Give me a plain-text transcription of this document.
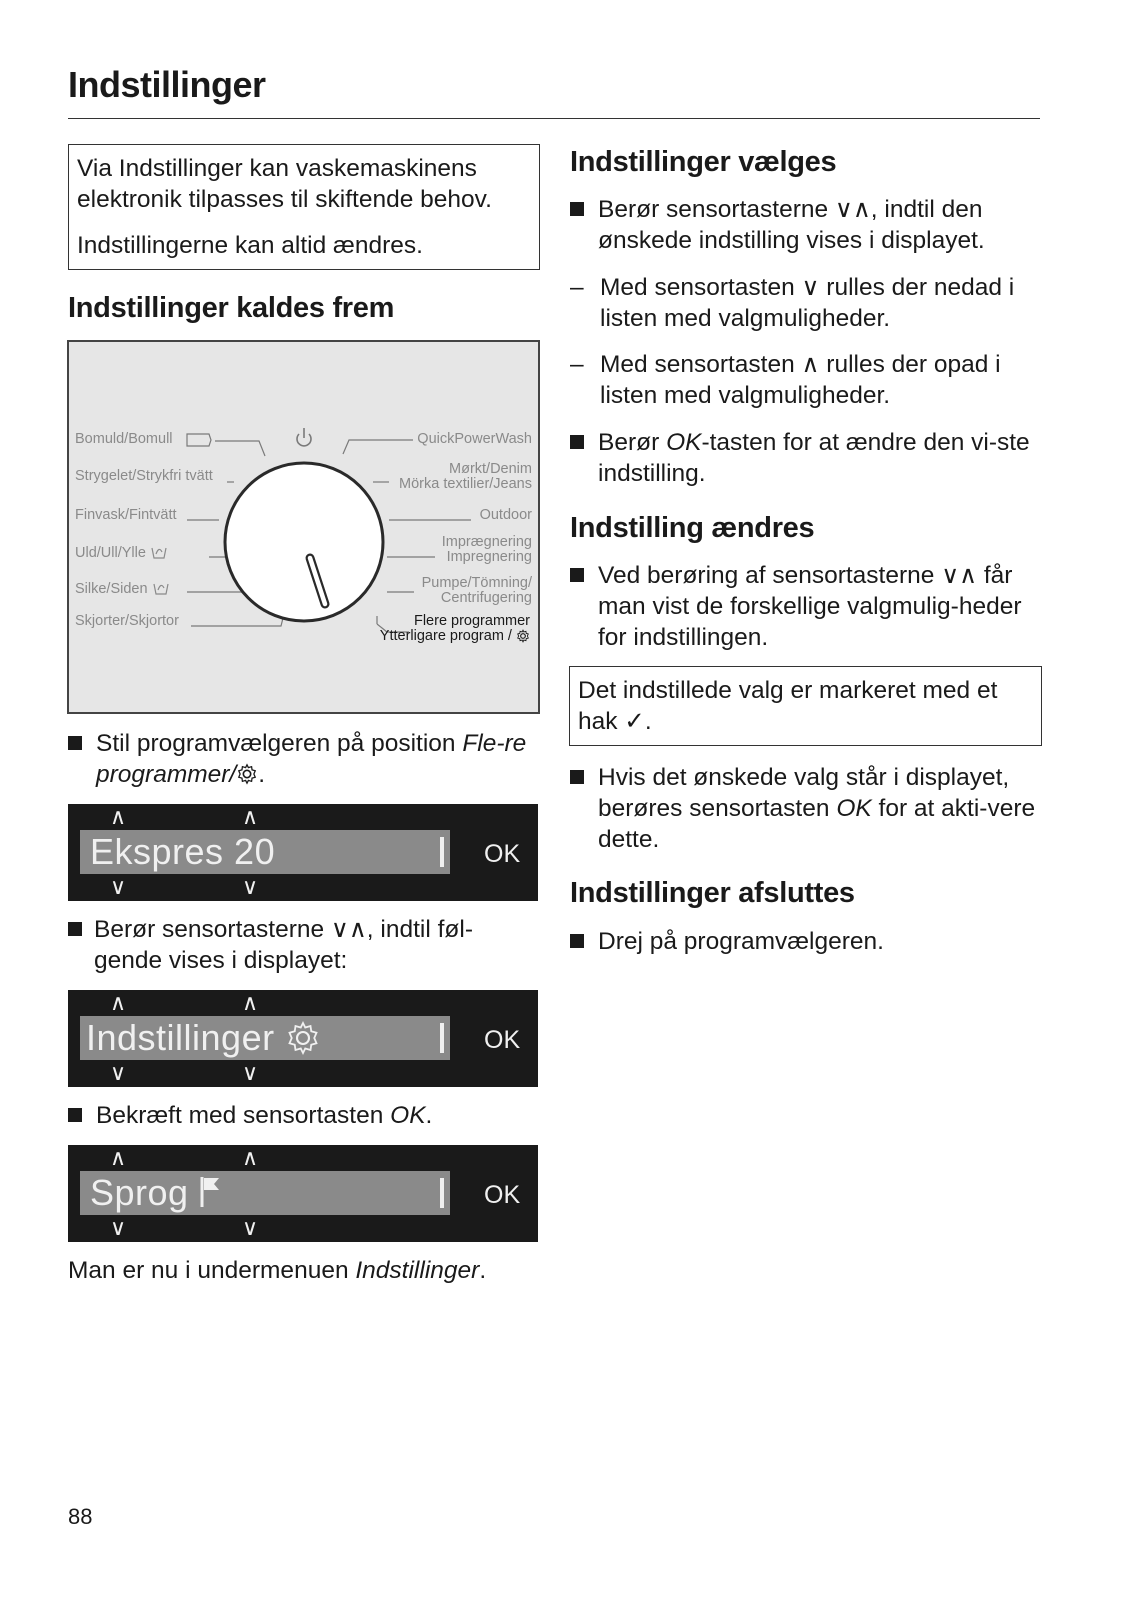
Indstillinger

Via Indstillinger kan vaskemaskinens elektronik tilpasses til skiftende behov.

Indstillingerne kan altid ændres.

Indstillinger kaldes frem
Bomuld/Bomull
Strygelet/Strykfri tvätt
Finvask/Fintvätt
Uld/Ull/Ylle
Silke/Siden
Skjorter/Skjortor
QuickPowerWash
Mørkt/Denim
Mörka textilier/Jeans
Outdoor
Imprægnering
Impregnering
Pumpe/Tömning/
Centrifugering
Flere programmer
Ytterligare program /
Stil programvælgeren på position Fle-re programmer/ .
∧	∧
Ekspres 20	OK
∨	∨
Berør sensortasterne ∨∧, indtil føl-gende vises i displayet:
∧	∧
Indstillinger	OK
∨	∨
Bekræft med sensortasten OK.
∧	∧
Sprog	OK
∨	∨
Man er nu i undermenuen Indstillinger.
Indstillinger vælges
Berør sensortasterne ∨∧, indtil den ønskede indstilling vises i displayet.
– Med sensortasten ∨ rulles der nedad i listen med valgmuligheder.
– Med sensortasten ∧ rulles der opad i listen med valgmuligheder.
Berør OK-tasten for at ændre den vi-ste indstilling.
Indstilling ændres
Ved berøring af sensortasterne ∨∧ får man vist de forskellige valgmulig-heder for indstillingen.

Det indstillede valg er markeret med et hak ✓.

Hvis det ønskede valg står i displayet, berøres sensortasten OK for at akti-vere dette.
Indstillinger afsluttes
Drej på programvælgeren.
88
